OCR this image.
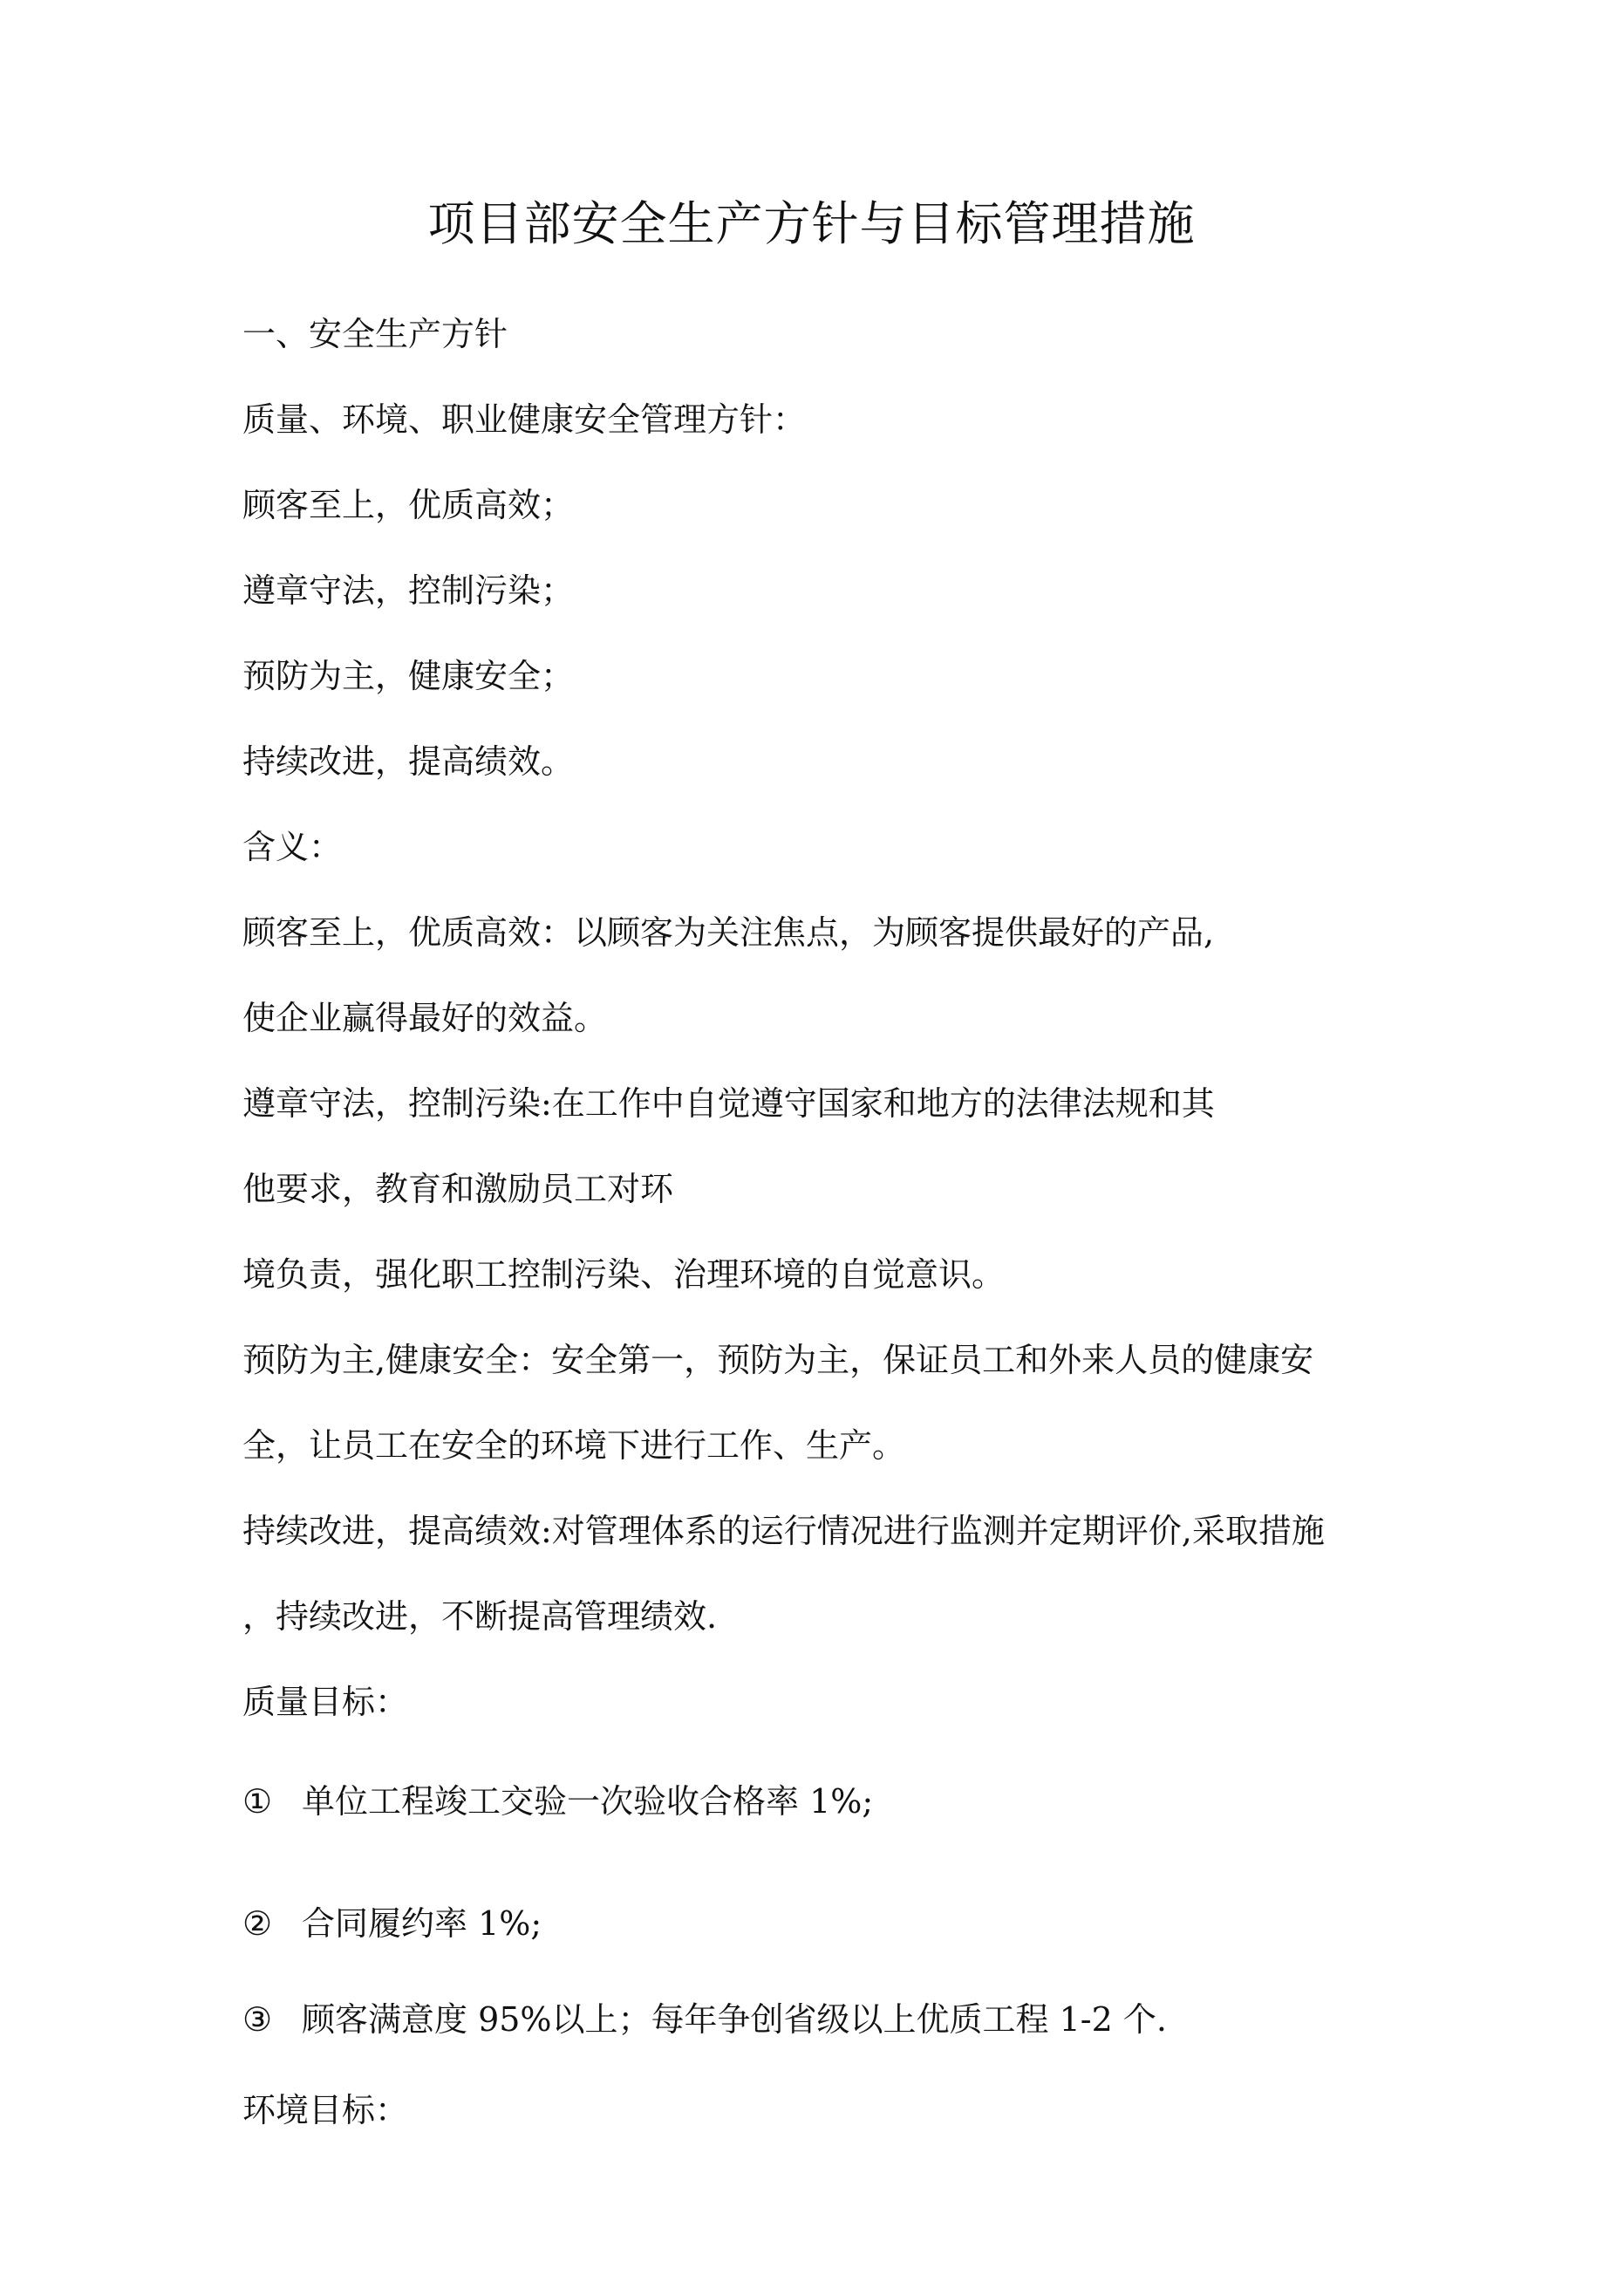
项目部安全生产方针与目标管理措施
一、安全生产方针
质量、环境、职业健康安全管理方针：
顾客至上，优质高效；
遵章守法，控制污染；
预防为主，健康安全；
持续改进，提高绩效。
含义：
顾客至上，优质高效：以顾客为关注焦点，为顾客提供最好的产品,
使企业赢得最好的效益。
遵章守法，控制污染:在工作中自觉遵守国家和地方的法律法规和其
他要求，教育和激励员工对环
境负责，强化职工控制污染、治理环境的自觉意识。
预防为主,健康安全：安全第一，预防为主，保证员工和外来人员的健康安
全，让员工在安全的环境下进行工作、生产。
持续改进，提高绩效:对管理体系的运行情况进行监测并定期评价,采取措施
，持续改进，不断提高管理绩效.
质量目标：
① 单位工程竣工交验一次验收合格率 1%;
② 合同履约率 1%;
③ 顾客满意度 95%以上；每年争创省级以上优质工程 1-2 个.
环境目标：
